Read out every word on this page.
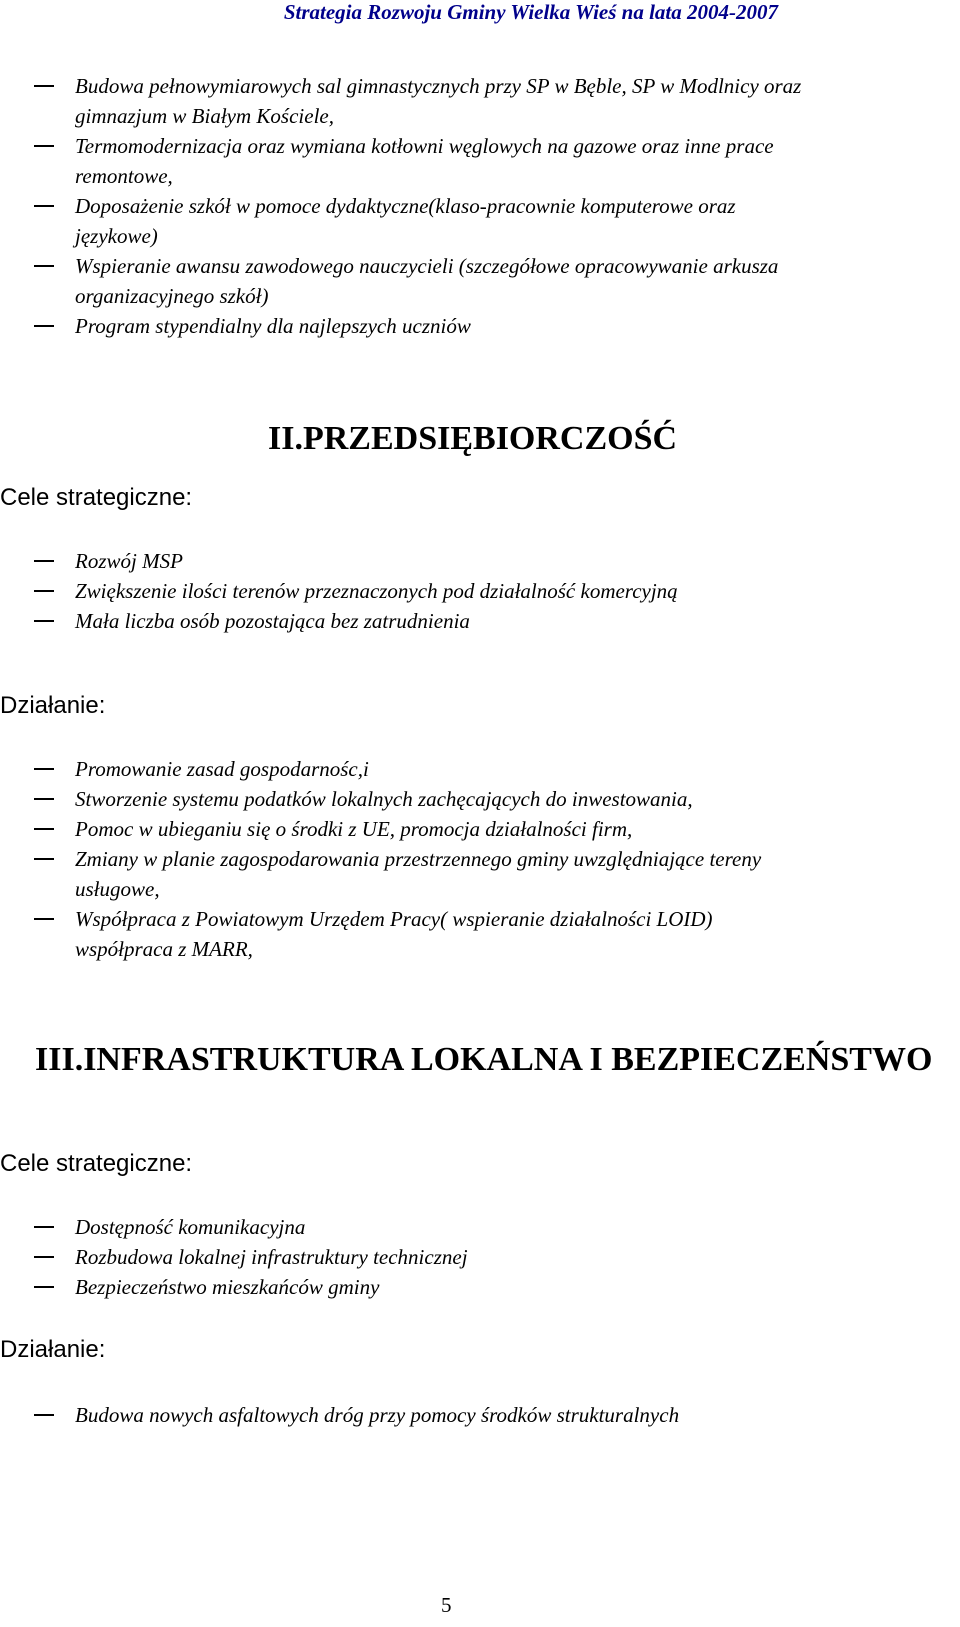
Strategia Rozwoju Gminy Wielka Wieś na lata 2004-2007
Budowa pełnowymiarowych sal gimnastycznych przy SP w Bęble, SP w Modlnicy oraz
gimnazjum w Białym Kościele,
Termomodernizacja oraz wymiana kotłowni węglowych na gazowe oraz inne prace
remontowe,
Doposażenie szkół w pomoce dydaktyczne(klaso-pracownie komputerowe oraz
językowe)
Wspieranie awansu zawodowego nauczycieli (szczegółowe opracowywanie arkusza
organizacyjnego szkół)
Program stypendialny dla najlepszych uczniów
II.PRZEDSIĘBIORCZOŚĆ
Cele strategiczne:
Rozwój MSP
Zwiększenie ilości terenów przeznaczonych pod działalność komercyjną
Mała liczba osób pozostająca bez zatrudnienia
Działanie:
Promowanie zasad gospodarnośc,i
Stworzenie systemu podatków lokalnych zachęcających do inwestowania,
Pomoc w ubieganiu się o środki z UE, promocja działalności firm,
Zmiany w planie zagospodarowania przestrzennego gminy uwzględniające tereny
usługowe,
Współpraca z Powiatowym Urzędem Pracy( wspieranie działalności LOID)
współpraca z MARR,
III.INFRASTRUKTURA LOKALNA I BEZPIECZEŃSTWO
Cele strategiczne:
Dostępność komunikacyjna
Rozbudowa lokalnej infrastruktury technicznej
Bezpieczeństwo mieszkańców gminy
Działanie:
Budowa nowych asfaltowych dróg przy pomocy środków strukturalnych
5
